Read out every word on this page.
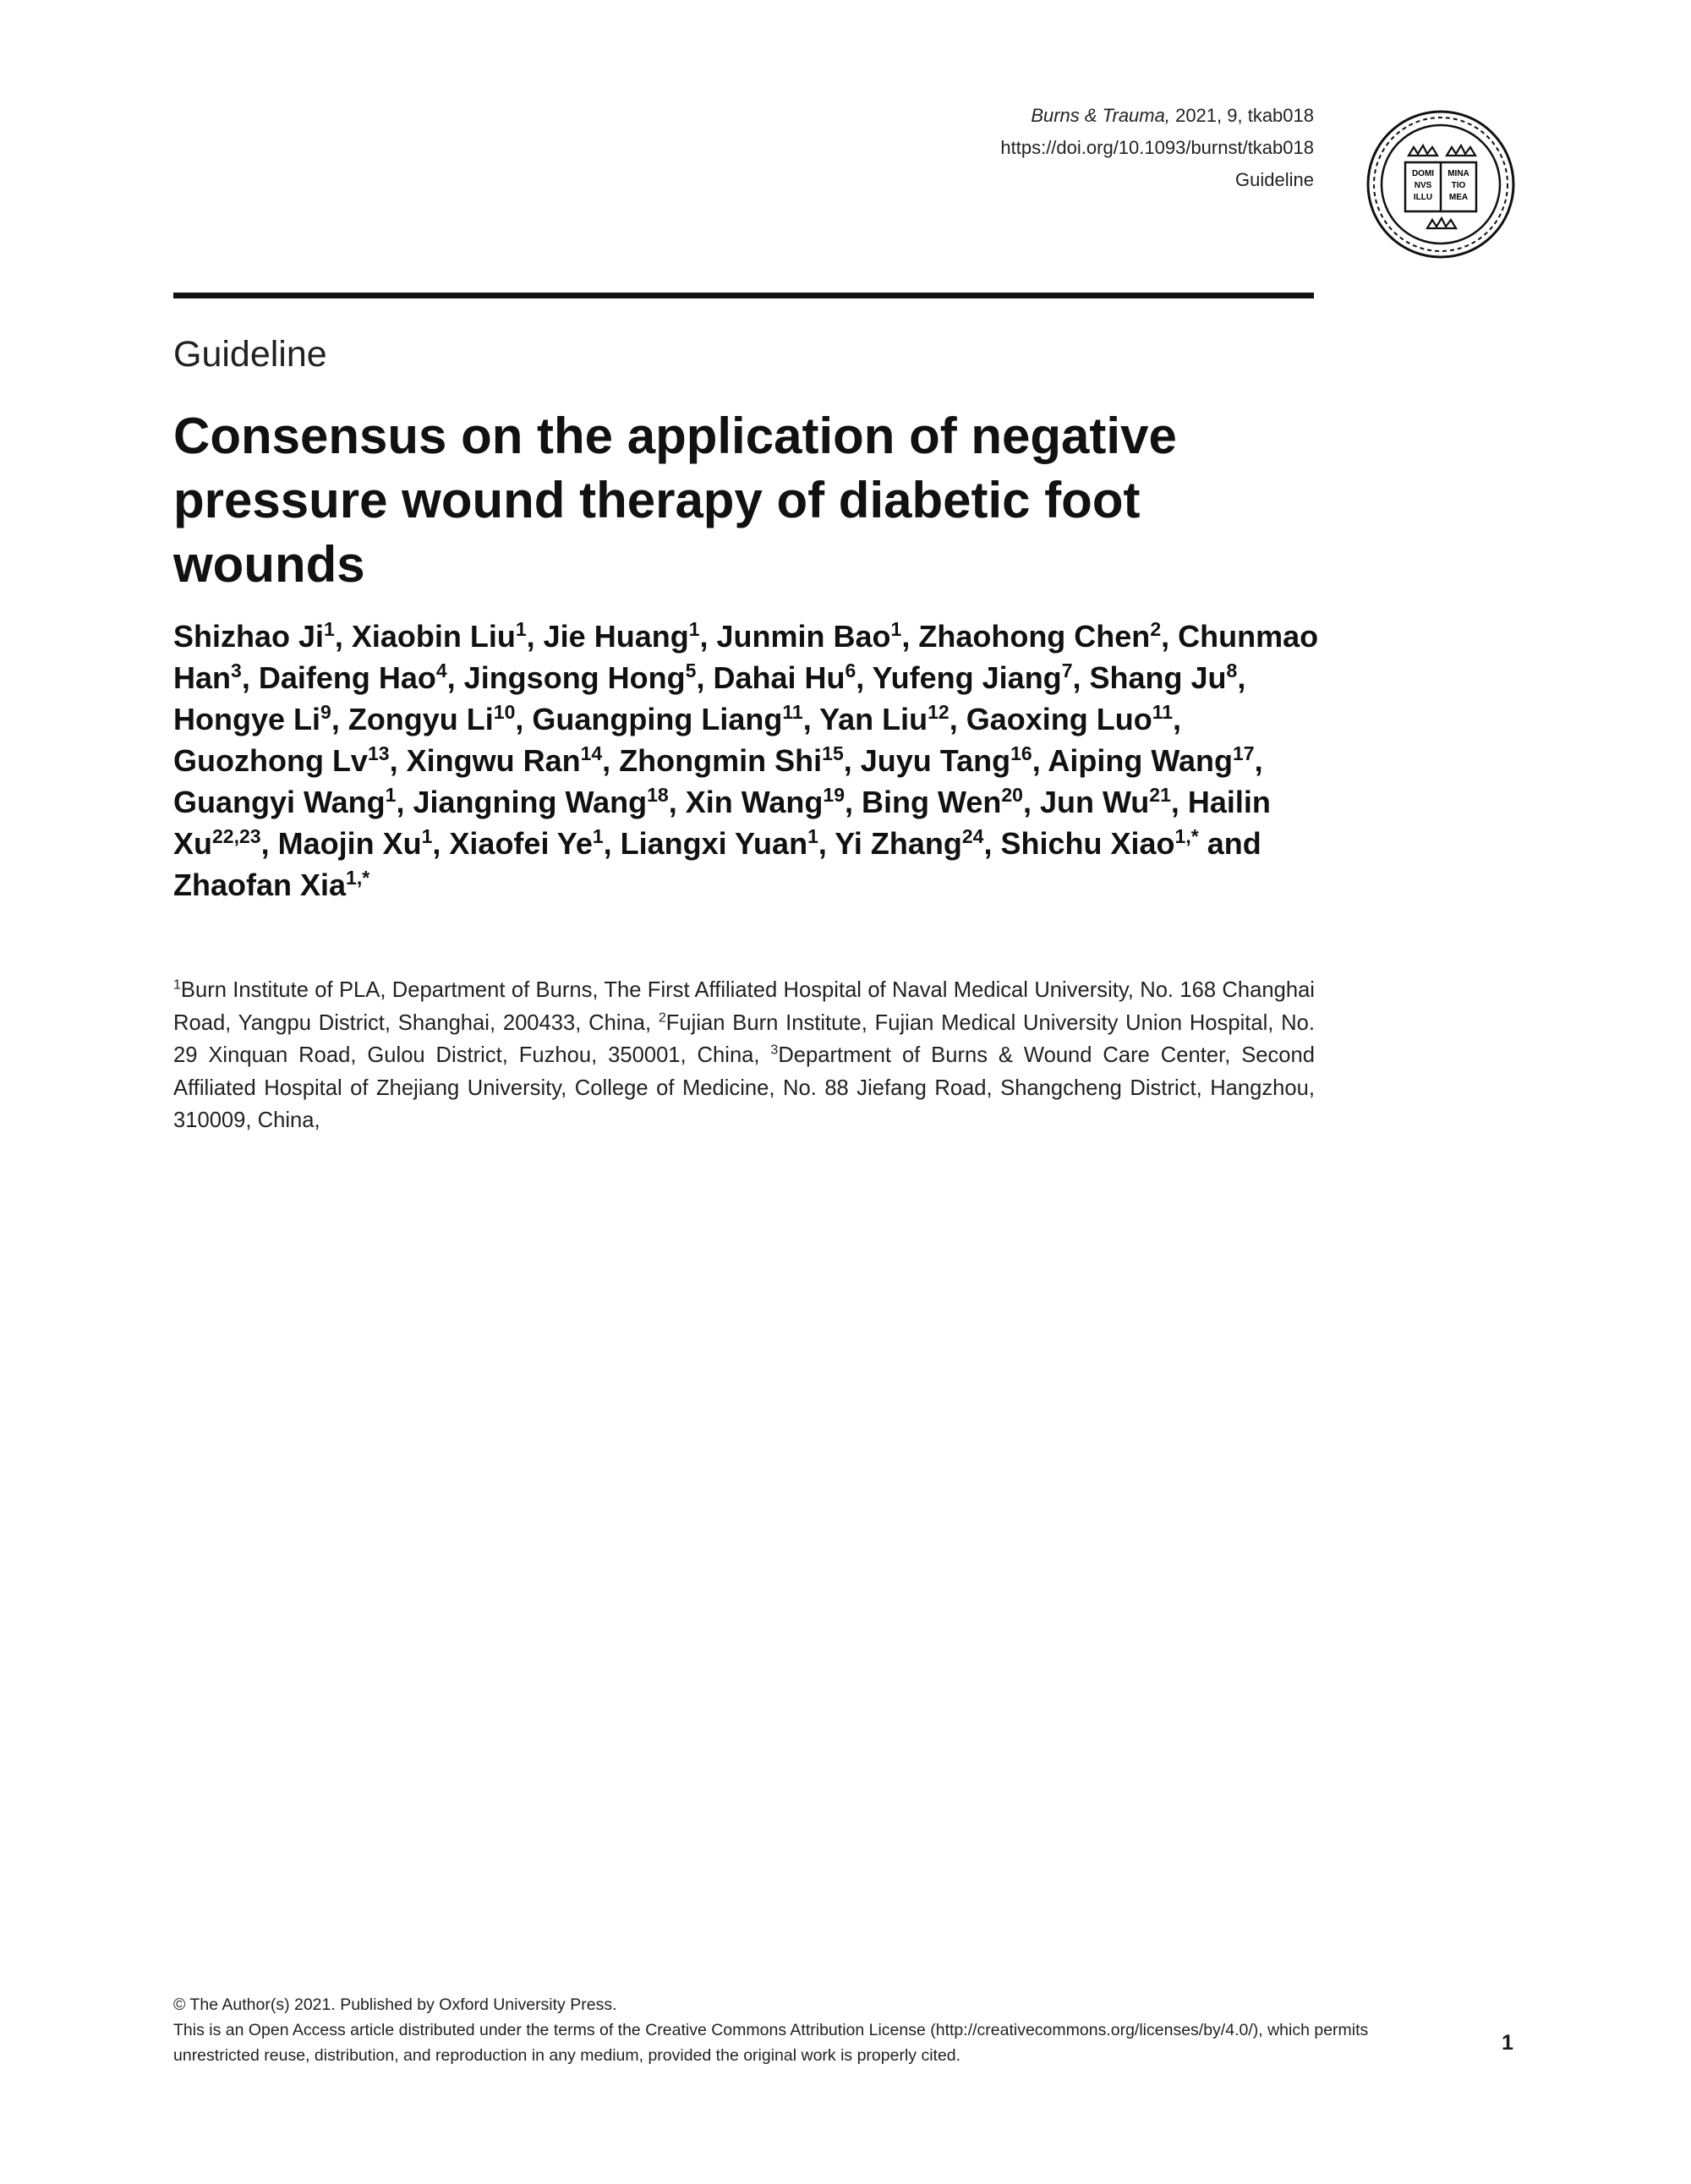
Burns & Trauma, 2021, 9, tkab018
https://doi.org/10.1093/burnst/tkab018
Guideline	DOMI
NVS
ILLU
MINA
TIO
MEA
Guideline
Consensus on the application of negative pressure wound therapy of diabetic foot wounds

Shizhao Ji$^1$, Xiaobin Liu$^1$, Jie Huang$^1$, Junmin Bao$^1$, Zhaohong Chen$^2$, Chunmao Han$^3$, Daifeng Hao$^4$, Jingsong Hong$^5$, Dahai Hu$^6$, Yufeng Jiang$^7$, Shang Ju$^8$, Hongye Li$^9$, Zongyu Li$^{10}$, Guangping Liang$^{11}$, Yan Liu$^{12}$, Gaoxing Luo$^{11}$, Guozhong Lv$^{13}$, Xingwu Ran$^{14}$, Zhongmin Shi$^{15}$, Juyu Tang$^{16}$, Aiping Wang$^{17}$, Guangyi Wang$^1$, Jiangning Wang$^{18}$, Xin Wang$^{19}$, Bing Wen$^{20}$, Jun Wu$^{21}$, Hailin Xu$^{22,23}$, Maojin Xu$^1$, Xiaofei Ye$^1$, Liangxi Yuan$^1$, Yi Zhang$^{24}$, Shichu Xiao$^{1,*}$ and Zhaofan Xia$^{1,*}$

$^1$Burn Institute of PLA, Department of Burns, The First Affiliated Hospital of Naval Medical University, No. 168 Changhai Road, Yangpu District, Shanghai, 200433, China, $^2$Fujian Burn Institute, Fujian Medical University Union Hospital, No. 29 Xinquan Road, Gulou District, Fuzhou, 350001, China, $^3$Department of Burns & Wound Care Center, Second Affiliated Hospital of Zhejiang University, College of Medicine, No. 88 Jiefang Road, Shangcheng District, Hangzhou, 310009, China,

© The Author(s) 2021. Published by Oxford University Press.
This is an Open Access article distributed under the terms of the Creative Commons Attribution License (http://creativecommons.org/licenses/by/4.0/), which permits unrestricted reuse, distribution, and reproduction in any medium, provided the original work is properly cited.
1
